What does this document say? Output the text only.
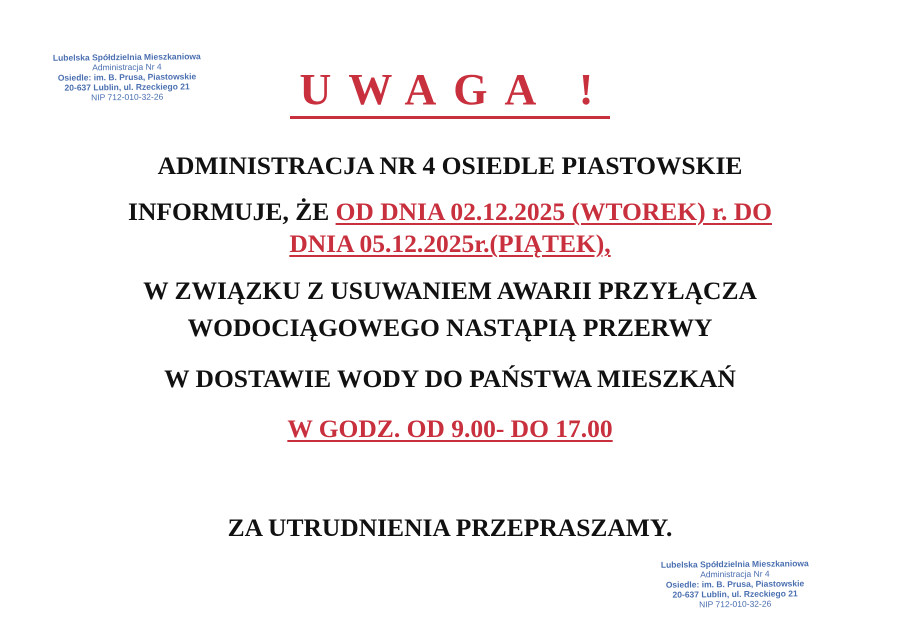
Lubelska Spółdzielnia Mieszkaniowa
Administracja Nr 4
Osiedle: im. B. Prusa, Piastowskie
20-637 Lublin, ul. Rzeckiego 21
NIP 712-010-32-26	UWAGA !
ADMINISTRACJA NR 4 OSIEDLE PIASTOWSKIE
INFORMUJE, ŻE OD DNIA 02.12.2025 (WTOREK) r. DO
DNIA 05.12.2025r.(PIĄTEK),
W ZWIĄZKU Z USUWANIEM AWARII PRZYŁĄCZA
WODOCIĄGOWEGO NASTĄPIĄ PRZERWY
W DOSTAWIE WODY DO PAŃSTWA MIESZKAŃ
W GODZ. OD 9.00- DO 17.00
ZA UTRUDNIENIA PRZEPRASZAMY.
Lubelska Spółdzielnia Mieszkaniowa
Administracja Nr 4
Osiedle: im. B. Prusa, Piastowskie
20-637 Lublin, ul. Rzeckiego 21
NIP 712-010-32-26
